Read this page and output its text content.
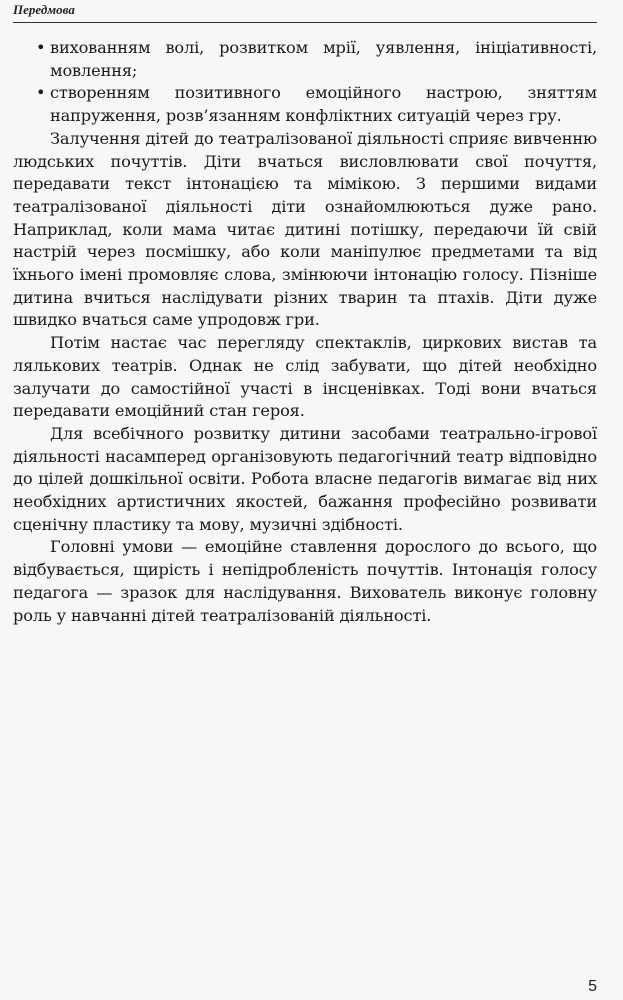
Передмова
• вихованням волі, розвитком мрії, уявлення, ініціативності, мовлення;
• створенням позитивного емоційного настрою, зняттям напруження, розв’язанням конфліктних ситуацій через гру.

Залучення дітей до театралізованої діяльності сприяє вивченню людських почуттів. Діти вчаться висловлювати свої почуття, передавати текст інтонацією та мімікою. З першими видами театралізованої діяльності діти ознайомлюються дуже рано. Наприклад, коли мама читає дитині потішку, передаючи їй свій настрій через посмішку, або коли маніпулює предметами та від їхнього імені промовляє слова, змінюючи інтонацію голосу. Пізніше дитина вчиться наслідувати різних тварин та птахів. Діти дуже швидко вчаться саме упродовж гри.

Потім настає час перегляду спектаклів, циркових вистав та лялькових театрів. Однак не слід забувати, що дітей необхідно залучати до самостійної участі в інсценівках. Тоді вони вчаться передавати емоційний стан героя.

Для всебічного розвитку дитини засобами театрально-ігрової діяльності насамперед організовують педагогічний театр відповідно до цілей дошкільної освіти. Робота власне педагогів вимагає від них необхідних артистичних якостей, бажання професійно розвивати сценічну пластику та мову, музичні здібності.

Головні умови — емоційне ставлення дорослого до всього, що відбувається, щирість і непідробленість почуттів. Інтонація голосу педагога — зразок для наслідування. Вихователь виконує головну роль у навчанні дітей театралізованій діяльності.

5
